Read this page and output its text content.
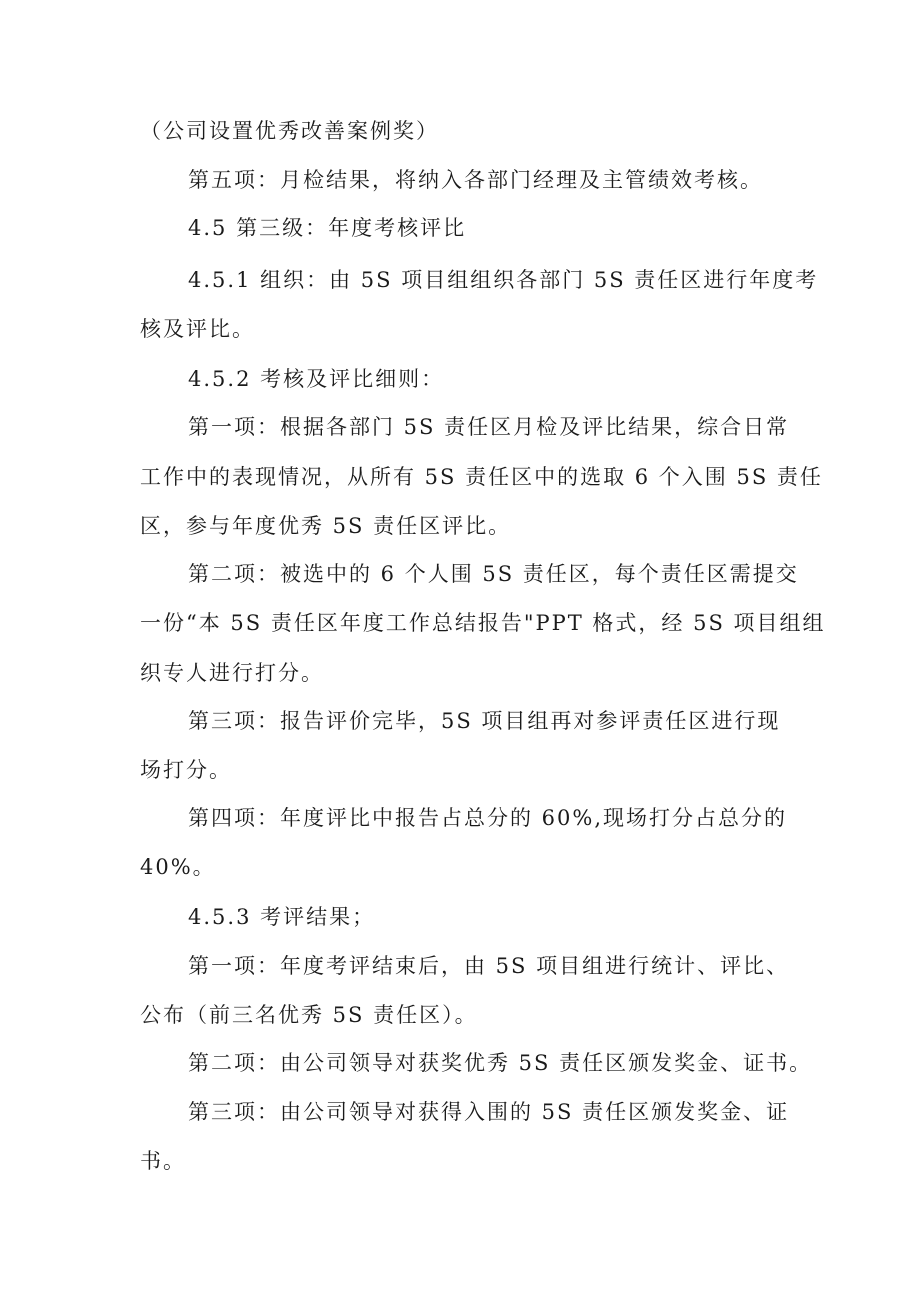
（公司设置优秀改善案例奖）
第五项：月检结果，将纳入各部门经理及主管绩效考核。
4.5 第三级：年度考核评比
4.5.1 组织：由 5S 项目组组织各部门 5S 责任区进行年度考
核及评比。
4.5.2 考核及评比细则：
第一项：根据各部门 5S 责任区月检及评比结果，综合日常
工作中的表现情况，从所有 5S 责任区中的选取 6 个入围 5S 责任
区，参与年度优秀 5S 责任区评比。
第二项：被选中的 6 个人围 5S 责任区，每个责任区需提交
一份“本 5S 责任区年度工作总结报告"PPT 格式，经 5S 项目组组
织专人进行打分。
第三项：报告评价完毕，5S 项目组再对参评责任区进行现
场打分。
第四项：年度评比中报告占总分的 60%,现场打分占总分的
40%。
4.5.3 考评结果；
第一项：年度考评结束后，由 5S 项目组进行统计、评比、
公布（前三名优秀 5S 责任区）。
第二项：由公司领导对获奖优秀 5S 责任区颁发奖金、证书。
第三项：由公司领导对获得入围的 5S 责任区颁发奖金、证
书。
